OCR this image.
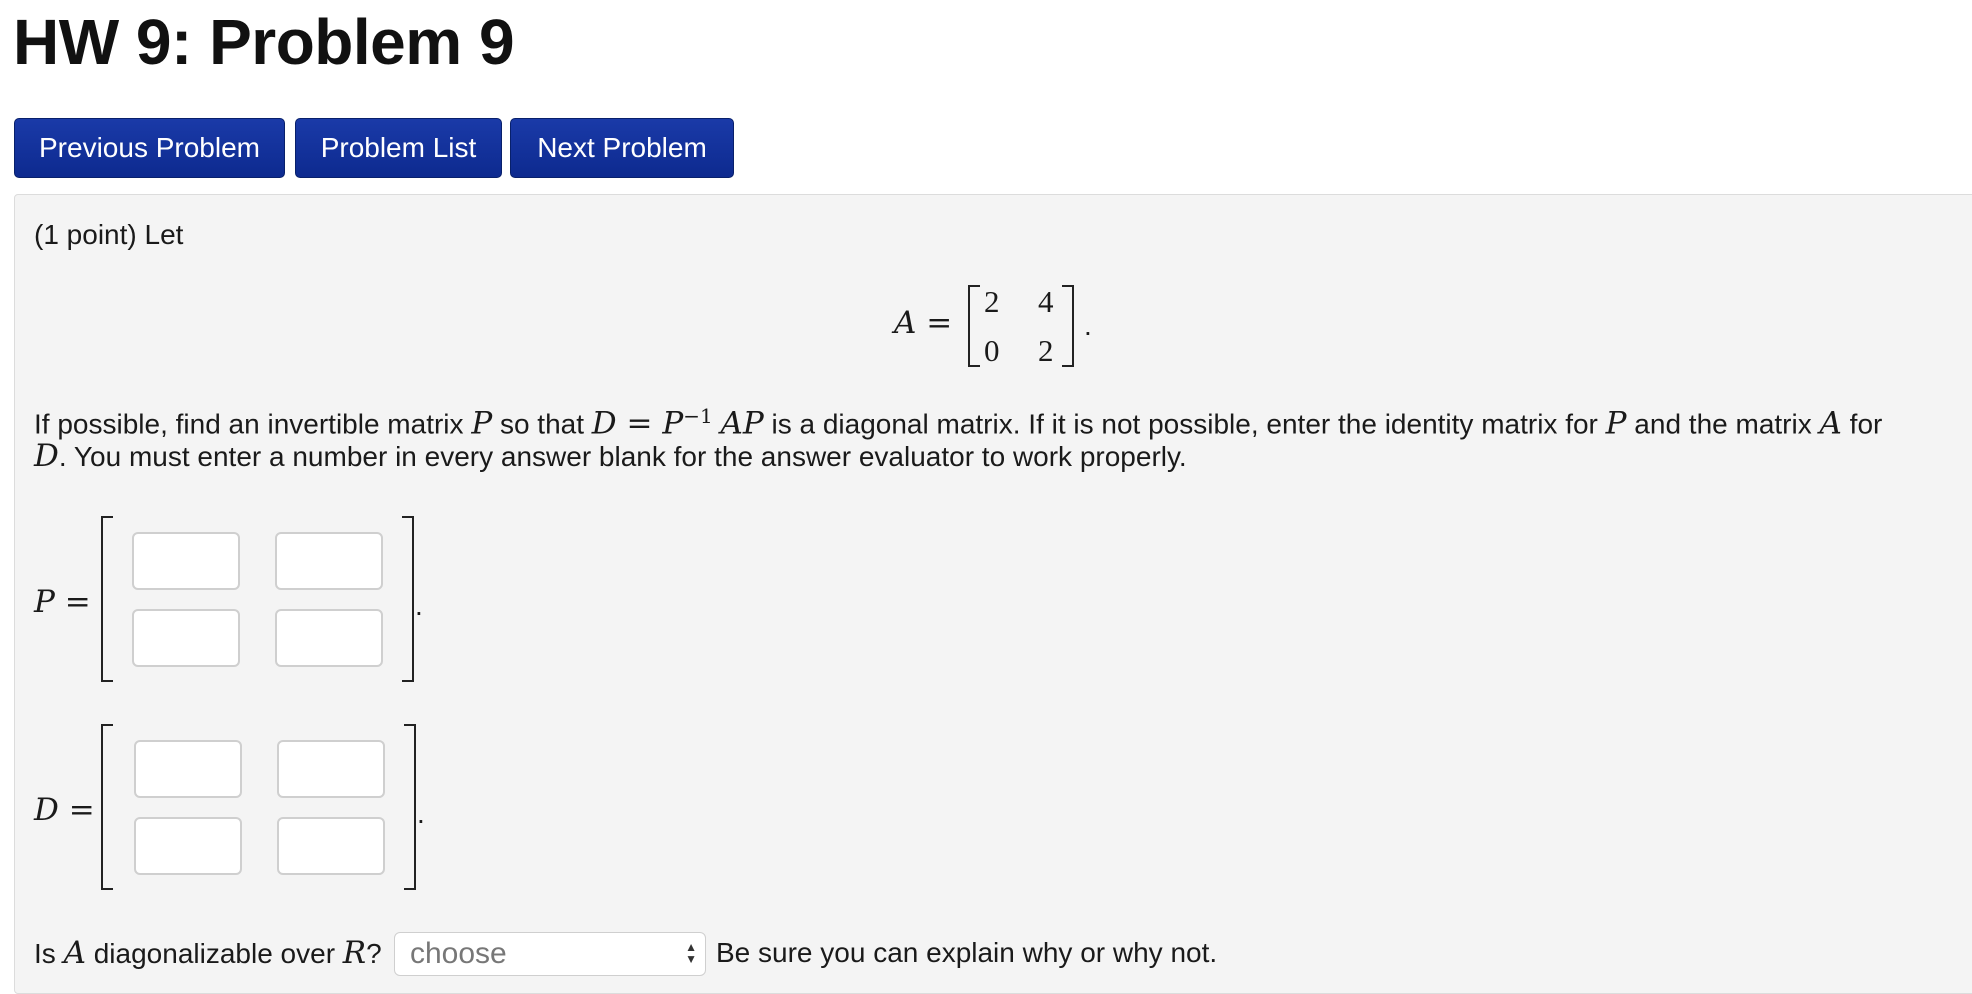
HW 9: Problem 9
Previous Problem	Problem List	Next Problem
(1 point) Let
A =
2 4
0 2
.
If possible, find an invertible matrix P so that $D = P^{-1}$ AP is a diagonal matrix. If it is not possible, enter the identity matrix for P and the matrix A for
D. You must enter a number in every answer blank for the answer evaluator to work properly.
P =	.
D =	.
Is A diagonalizable over R? choose	▲
▼ Be sure you can explain why or why not.
